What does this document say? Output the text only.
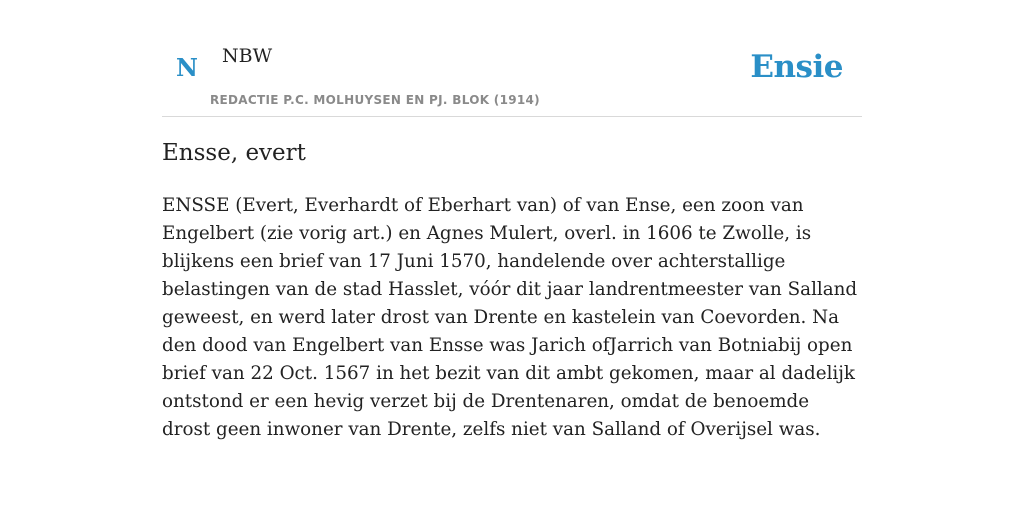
N NBW
REDACTIE P.C. MOLHUYSEN EN PJ. BLOK (1914)
Ensie
Ensse, evert

ENSSE (Evert, Everhardt of Eberhart van) of van Ense, een zoon van Engelbert (zie vorig art.) en Agnes Mulert, overl. in 1606 te Zwolle, is blijkens een brief van 17 Juni 1570, handelende over achterstallige belastingen van de stad Hasslet, vóór dit jaar landrentmeester van Salland geweest, en werd later drost van Drente en kastelein van Coevorden. Na den dood van Engelbert van Ensse was Jarich ofJarrich van Botniabij open brief van 22 Oct. 1567 in het bezit van dit ambt gekomen, maar al dadelijk ontstond er een hevig verzet bij de Drentenaren, omdat de benoemde drost geen inwoner van Drente, zelfs niet van Salland of Overijsel was.
